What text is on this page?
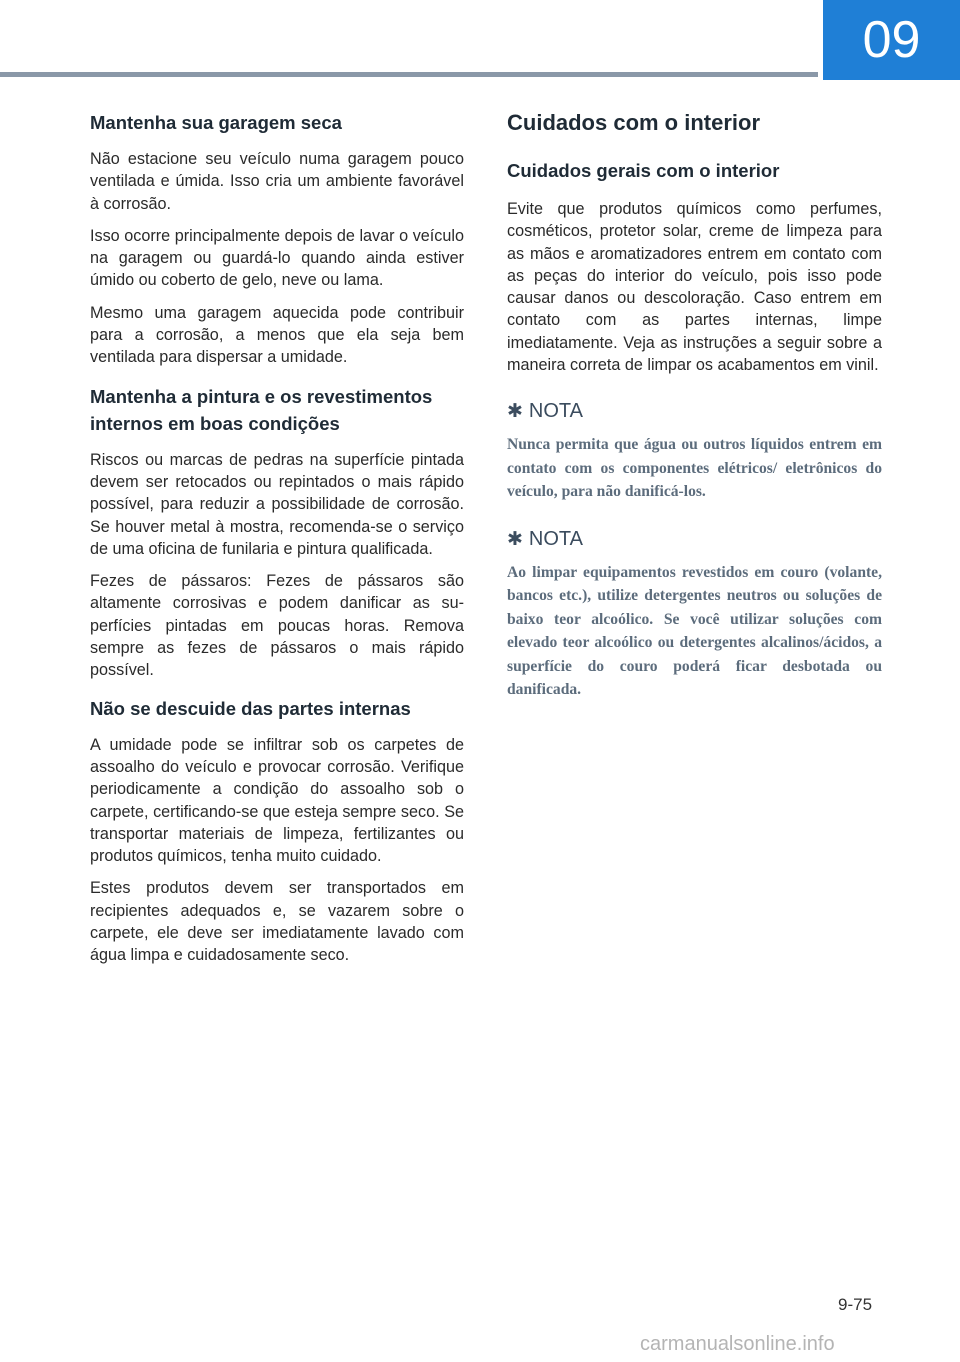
09
Mantenha sua garagem seca

Não estacione seu veículo numa garagem pouco ventilada e úmida. Isso cria um ambiente favorável à corrosão.

Isso ocorre principalmente depois de lavar o veículo na garagem ou guardá-lo quando ainda estiver úmido ou coberto de gelo, neve ou lama.

Mesmo uma garagem aquecida pode contribuir para a corrosão, a menos que ela seja bem ventilada para dispersar a umidade.

Mantenha a pintura e os revestimentos internos em boas condições

Riscos ou marcas de pedras na superfície pintada devem ser retocados ou repintados o mais rápido possível, para reduzir a possibilidade de corrosão. Se houver metal à mostra, recomenda-se o serviço de uma oficina de funilaria e pintura qualificada.

Fezes de pássaros: Fezes de pássaros são altamente corrosivas e podem danificar as superfícies pintadas em poucas horas. Remova sempre as fezes de pássaros o mais rápido possível.

Não se descuide das partes internas

A umidade pode se infiltrar sob os carpetes de assoalho do veículo e provocar corrosão. Verifique periodicamente a condição do assoalho sob o carpete, certificando-se que esteja sempre seco. Se transportar materiais de limpeza, fertilizantes ou produtos químicos, tenha muito cuidado.

Estes produtos devem ser transportados em recipientes adequados e, se vazarem sobre o carpete, ele deve ser imediatamente lavado com água limpa e cuidadosamente seco.

Cuidados com o interior
Cuidados gerais com o interior

Evite que produtos químicos como perfumes, cosméticos, protetor solar, creme de limpeza para as mãos e aromatizadores entrem em contato com as peças do interior do veículo, pois isso pode causar danos ou descoloração. Caso entrem em contato com as partes internas, limpe imediatamente. Veja as instruções a seguir sobre a maneira correta de limpar os acabamentos em vinil.

✱ NOTA

Nunca permita que água ou outros líquidos entrem em contato com os componentes elétricos/ eletrônicos do veículo, para não danificá-los.

✱ NOTA

Ao limpar equipamentos revestidos em couro (volante, bancos etc.), utilize detergentes neutros ou soluções de baixo teor alcoólico. Se você utilizar soluções com elevado teor alcoólico ou detergentes alcalinos/ácidos, a superfície do couro poderá ficar desbotada ou danificada.

9-75
carmanualsonline.info
